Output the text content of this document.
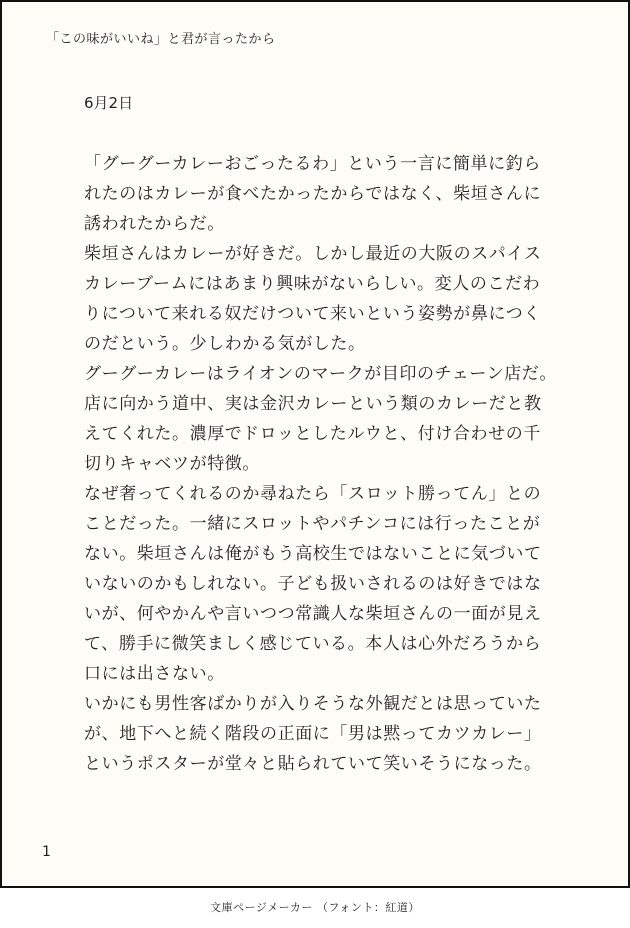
「この味がいいね」と君が言ったから
6月2日
「グーグーカレーおごったるわ」という一言に簡単に釣ら
れたのはカレーが食べたかったからではなく、柴垣さんに
誘われたからだ。
柴垣さんはカレーが好きだ。しかし最近の大阪のスパイス
カレーブームにはあまり興味がないらしい。変人のこだわ
りについて来れる奴だけついて来いという姿勢が鼻につく
のだという。少しわかる気がした。
グーグーカレーはライオンのマークが目印のチェーン店だ。
店に向かう道中、実は金沢カレーという類のカレーだと教
えてくれた。濃厚でドロッとしたルウと、付け合わせの千
切りキャベツが特徴。
なぜ奢ってくれるのか尋ねたら「スロット勝ってん」との
ことだった。一緒にスロットやパチンコには行ったことが
ない。柴垣さんは俺がもう高校生ではないことに気づいて
いないのかもしれない。子ども扱いされるのは好きではな
いが、何やかんや言いつつ常識人な柴垣さんの一面が見え
て、勝手に微笑ましく感じている。本人は心外だろうから
口には出さない。
いかにも男性客ばかりが入りそうな外観だとは思っていた
が、地下へと続く階段の正面に「男は黙ってカツカレー」
というポスターが堂々と貼られていて笑いそうになった。
1
文庫ページメーカー （フォント：紅道）
